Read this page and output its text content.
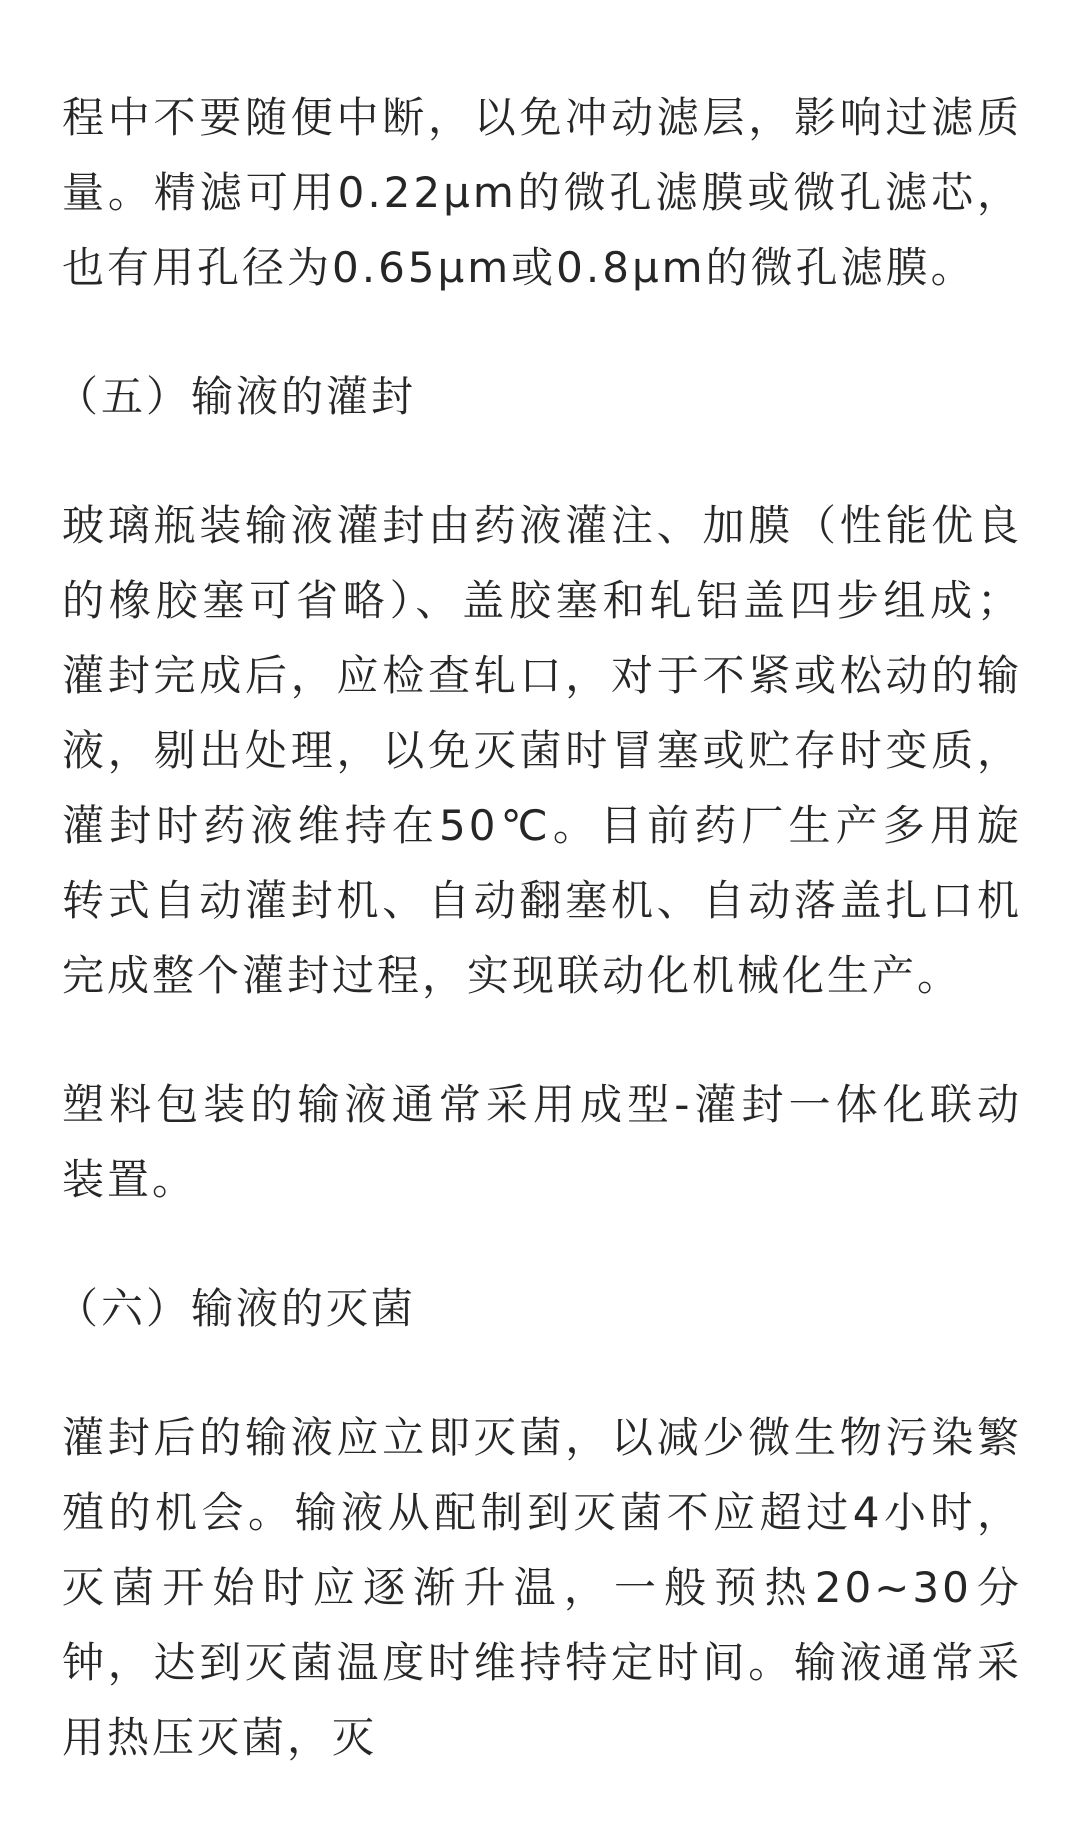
程中不要随便中断，以免冲动滤层，影响过滤质量。精滤可用0.22μm的微孔滤膜或微孔滤芯，也有用孔径为0.65μm或0.8μm的微孔滤膜。

（五）输液的灌封

玻璃瓶装输液灌封由药液灌注、加膜（性能优良的橡胶塞可省略）、盖胶塞和轧铝盖四步组成；灌封完成后，应检查轧口，对于不紧或松动的输液，剔出处理，以免灭菌时冒塞或贮存时变质，灌封时药液维持在50℃。目前药厂生产多用旋转式自动灌封机、自动翻塞机、自动落盖扎口机完成整个灌封过程，实现联动化机械化生产。

塑料包装的输液通常采用成型-灌封一体化联动装置。

（六）输液的灭菌

灌封后的输液应立即灭菌，以减少微生物污染繁殖的机会。输液从配制到灭菌不应超过4小时，灭菌开始时应逐渐升温，一般预热20~30分钟，达到灭菌温度时维持特定时间。输液通常采用热压灭菌，灭
